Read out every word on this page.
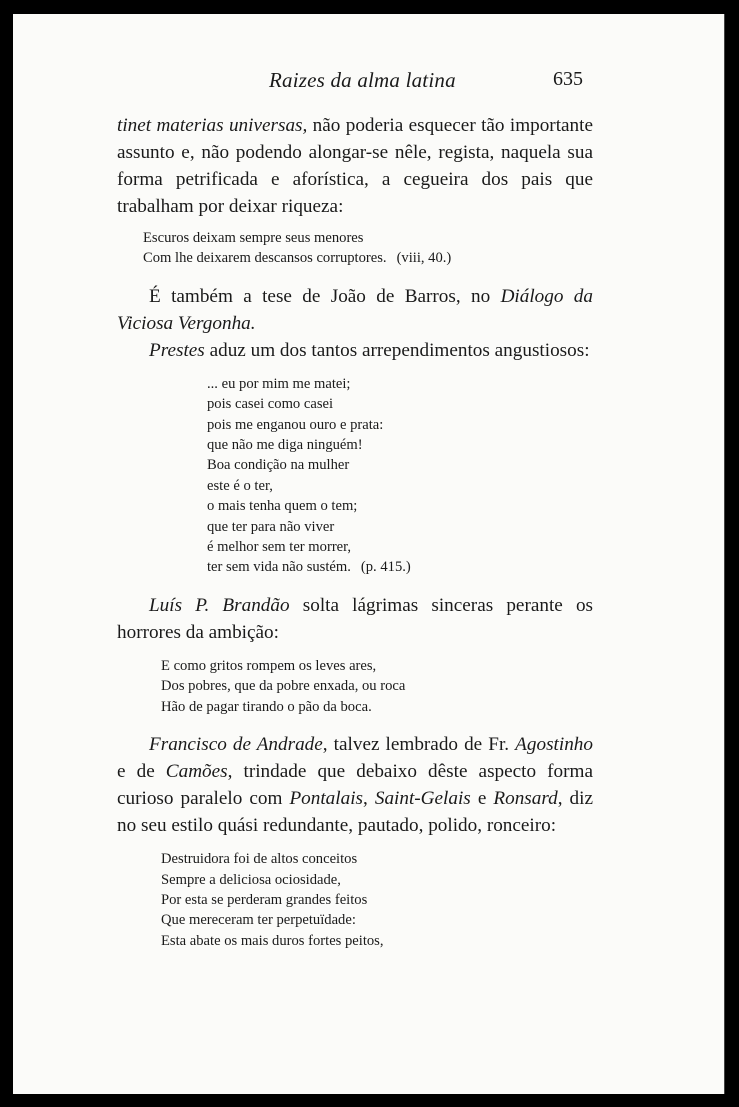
Raizes da alma latina	635

tinet materias universas, não poderia esquecer tão importante assunto e, não podendo alongar-se nêle, regista, naquela sua forma petrificada e aforística, a cegueira dos pais que trabalham por deixar riqueza:

Escuros deixam sempre seus menores
Com lhe deixarem descansos corruptores. (viii, 40.)

É também a tese de João de Barros, no Diálogo da Viciosa Vergonha.

Prestes aduz um dos tantos arrependimentos angustiosos:

... eu por mim me matei;
pois casei como casei
pois me enganou ouro e prata:
que não me diga ninguém!
Boa condição na mulher
este é o ter,
o mais tenha quem o tem;
que ter para não viver
é melhor sem ter morrer,
ter sem vida não sustém. (p. 415.)

Luís P. Brandão solta lágrimas sinceras perante os horrores da ambição:

E como gritos rompem os leves ares,
Dos pobres, que da pobre enxada, ou roca
Hão de pagar tirando o pão da boca.

Francisco de Andrade, talvez lembrado de Fr. Agostinho e de Camões, trindade que debaixo dêste aspecto forma curioso paralelo com Pontalais, Saint-Gelais e Ronsard, diz no seu estilo quási redundante, pautado, polido, ronceiro:

Destruidora foi de altos conceitos
Sempre a deliciosa ociosidade,
Por esta se perderam grandes feitos
Que mereceram ter perpetuïdade:
Esta abate os mais duros fortes peitos,
